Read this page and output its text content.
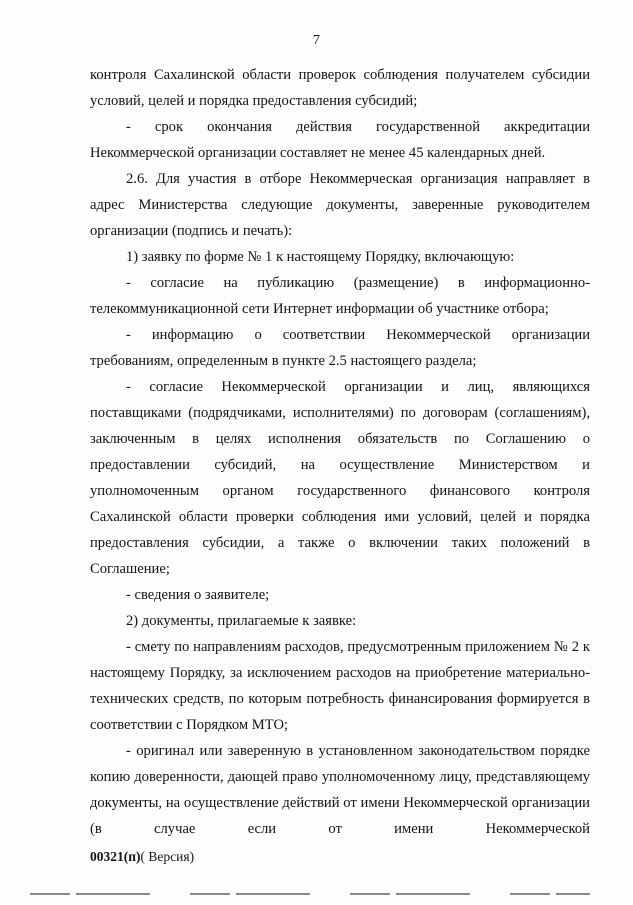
7

контроля Сахалинской области проверок соблюдения получателем субсидии условий, целей и порядка предоставления субсидий;

- срок окончания действия государственной аккредитации Некоммерческой организации составляет не менее 45 календарных дней.

2.6. Для участия в отборе Некоммерческая организация направляет в адрес Министерства следующие документы, заверенные руководителем организации (подпись и печать):

1) заявку по форме № 1 к настоящему Порядку, включающую:

- согласие на публикацию (размещение) в информационно-телекоммуникационной сети Интернет информации об участнике отбора;

- информацию о соответствии Некоммерческой организации требованиям, определенным в пункте 2.5 настоящего раздела;

- согласие Некоммерческой организации и лиц, являющихся поставщиками (подрядчиками, исполнителями) по договорам (соглашениям), заключенным в целях исполнения обязательств по Соглашению о предоставлении субсидий, на осуществление Министерством и уполномоченным органом государственного финансового контроля Сахалинской области проверки соблюдения ими условий, целей и порядка предоставления субсидии, а также о включении таких положений в Соглашение;

- сведения о заявителе;

2) документы, прилагаемые к заявке:

- смету по направлениям расходов, предусмотренным приложением № 2 к настоящему Порядку, за исключением расходов на приобретение материально-технических средств, по которым потребность финансирования формируется в соответствии с Порядком МТО;

- оригинал или заверенную в установленном законодательством порядке копию доверенности, дающей право уполномоченному лицу, представляющему документы, на осуществление действий от имени Некоммерческой организации (в случае если от имени Некоммерческой

00321(п)( Версия)
